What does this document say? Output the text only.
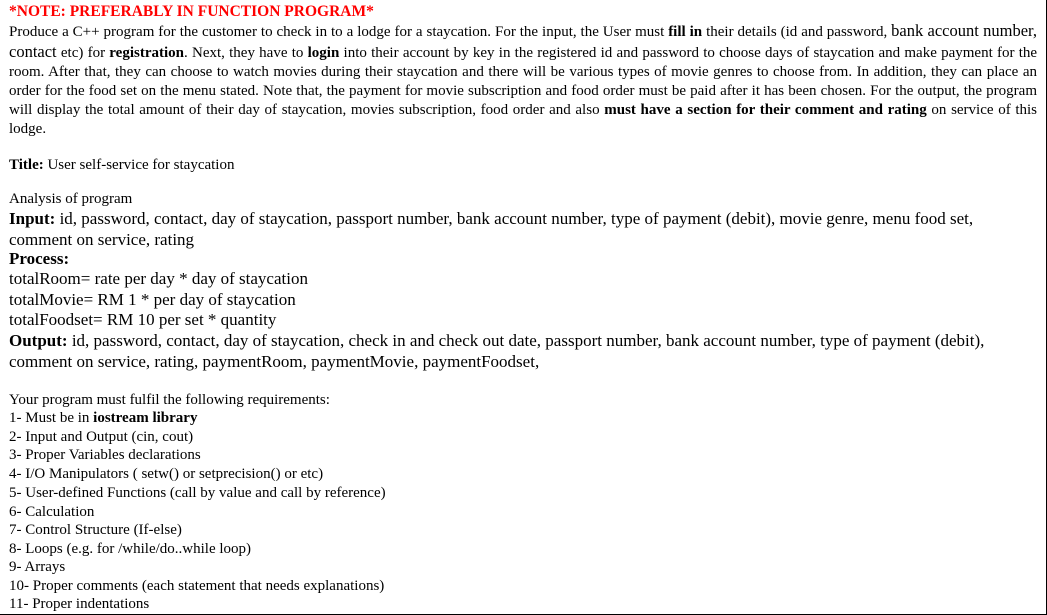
*NOTE: PREFERABLY IN FUNCTION PROGRAM*
Produce a C++ program for the customer to check in to a lodge for a staycation. For the input, the User must fill in their details (id and password, bank account number, contact etc) for registration. Next, they have to login into their account by key in the registered id and password to choose days of staycation and make payment for the room. After that, they can choose to watch movies during their staycation and there will be various types of movie genres to choose from. In addition, they can place an order for the food set on the menu stated. Note that, the payment for movie subscription and food order must be paid after it has been chosen. For the output, the program will display the total amount of their day of staycation, movies subscription, food order and also must have a section for their comment and rating on service of this lodge.
Title: User self-service for staycation
Analysis of program
Input: id, password, contact, day of staycation, passport number, bank account number, type of payment (debit), movie genre, menu food set, comment on service, rating
Process:
totalRoom= rate per day * day of staycation
totalMovie= RM 1 * per day of staycation
totalFoodset= RM 10 per set * quantity
Output: id, password, contact, day of staycation, check in and check out date, passport number, bank account number, type of payment (debit), comment on service, rating, paymentRoom, paymentMovie, paymentFoodset,
Your program must fulfil the following requirements:
1- Must be in iostream library
2- Input and Output (cin, cout)
3- Proper Variables declarations
4- I/O Manipulators ( setw() or setprecision() or etc)
5- User-defined Functions (call by value and call by reference)
6- Calculation
7- Control Structure (If-else)
8- Loops (e.g. for /while/do..while loop)
9- Arrays
10- Proper comments (each statement that needs explanations)
11- Proper indentations
